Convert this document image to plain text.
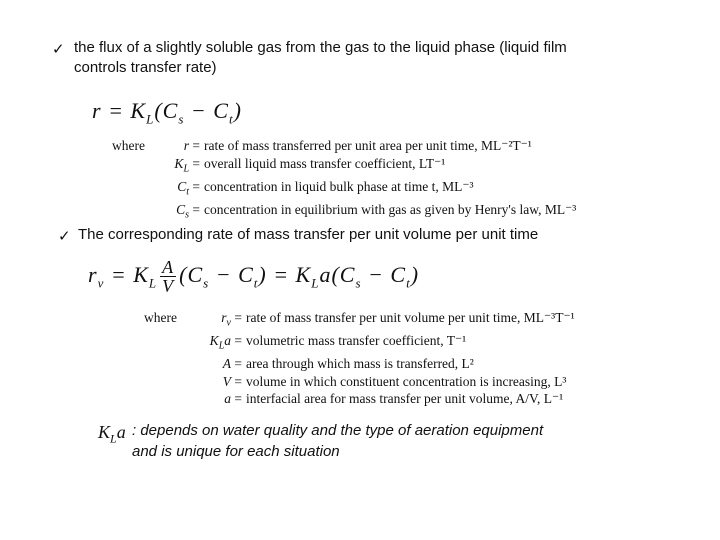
✓ the flux of a slightly soluble gas from the gas to the liquid phase (liquid film
controls transfer rate)
$r = K_L(C_s - C_t)$
where	r = rate of mass transferred per unit area per unit time, ML⁻²T⁻¹
$K_L$ = overall liquid mass transfer coefficient, LT⁻¹
$C_t$ = concentration in liquid bulk phase at time t, ML⁻³
$C_s$ = concentration in equilibrium with gas as given by Henry's law, ML⁻³
✓ The corresponding rate of mass transfer per unit volume per unit time
$r_v = K_L \frac{A}{V} (C_s - C_t) = K_La(C_s - C_t)$
where	$r_v$ = rate of mass transfer per unit volume per unit time, ML⁻³T⁻¹
$K_La$ = volumetric mass transfer coefficient, T⁻¹
A = area through which mass is transferred, L²
V = volume in which constituent concentration is increasing, L³
a = interfacial area for mass transfer per unit volume, A/V, L⁻¹
$K_La$ : depends on water quality and the type of aeration equipment
and is unique for each situation
